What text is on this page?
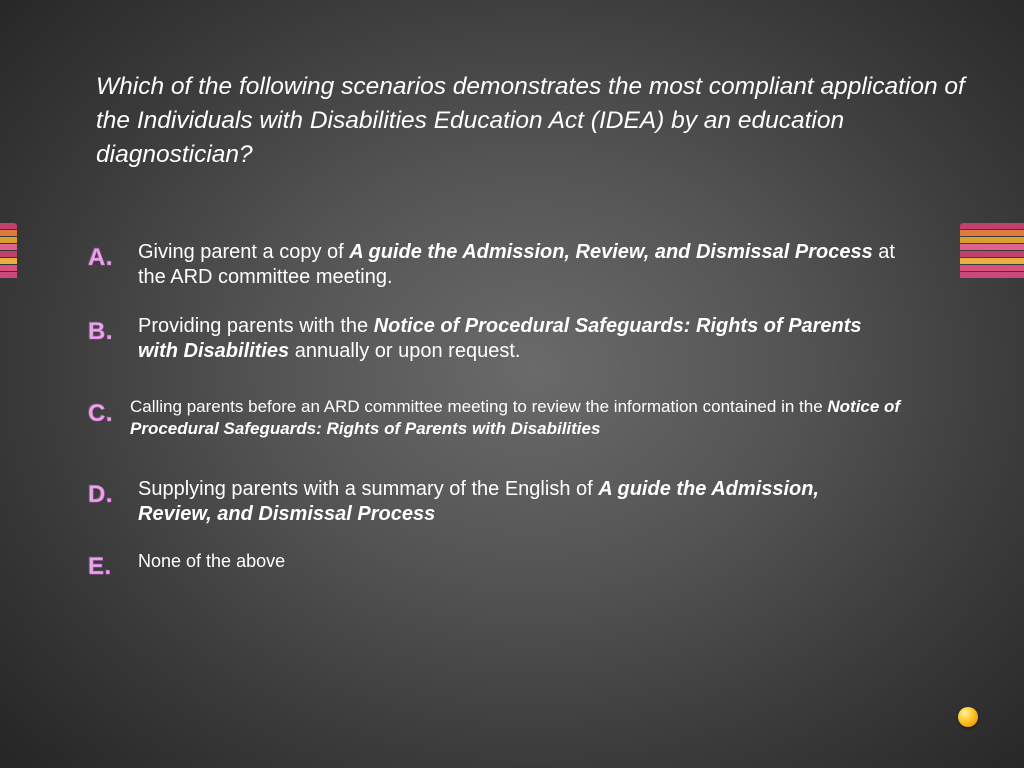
Which of the following scenarios demonstrates the most compliant application of the Individuals with Disabilities Education Act (IDEA) by an education diagnostician?
A. Giving parent a copy of A guide the Admission, Review, and Dismissal Process at the ARD committee meeting.
B. Providing parents with the Notice of Procedural Safeguards: Rights of Parents with Disabilities annually or upon request.
C. Calling parents before an ARD committee meeting to review the information contained in the Notice of Procedural Safeguards: Rights of Parents with Disabilities
D. Supplying parents with a summary of the English of A guide the Admission, Review, and Dismissal Process
E. None of the above
